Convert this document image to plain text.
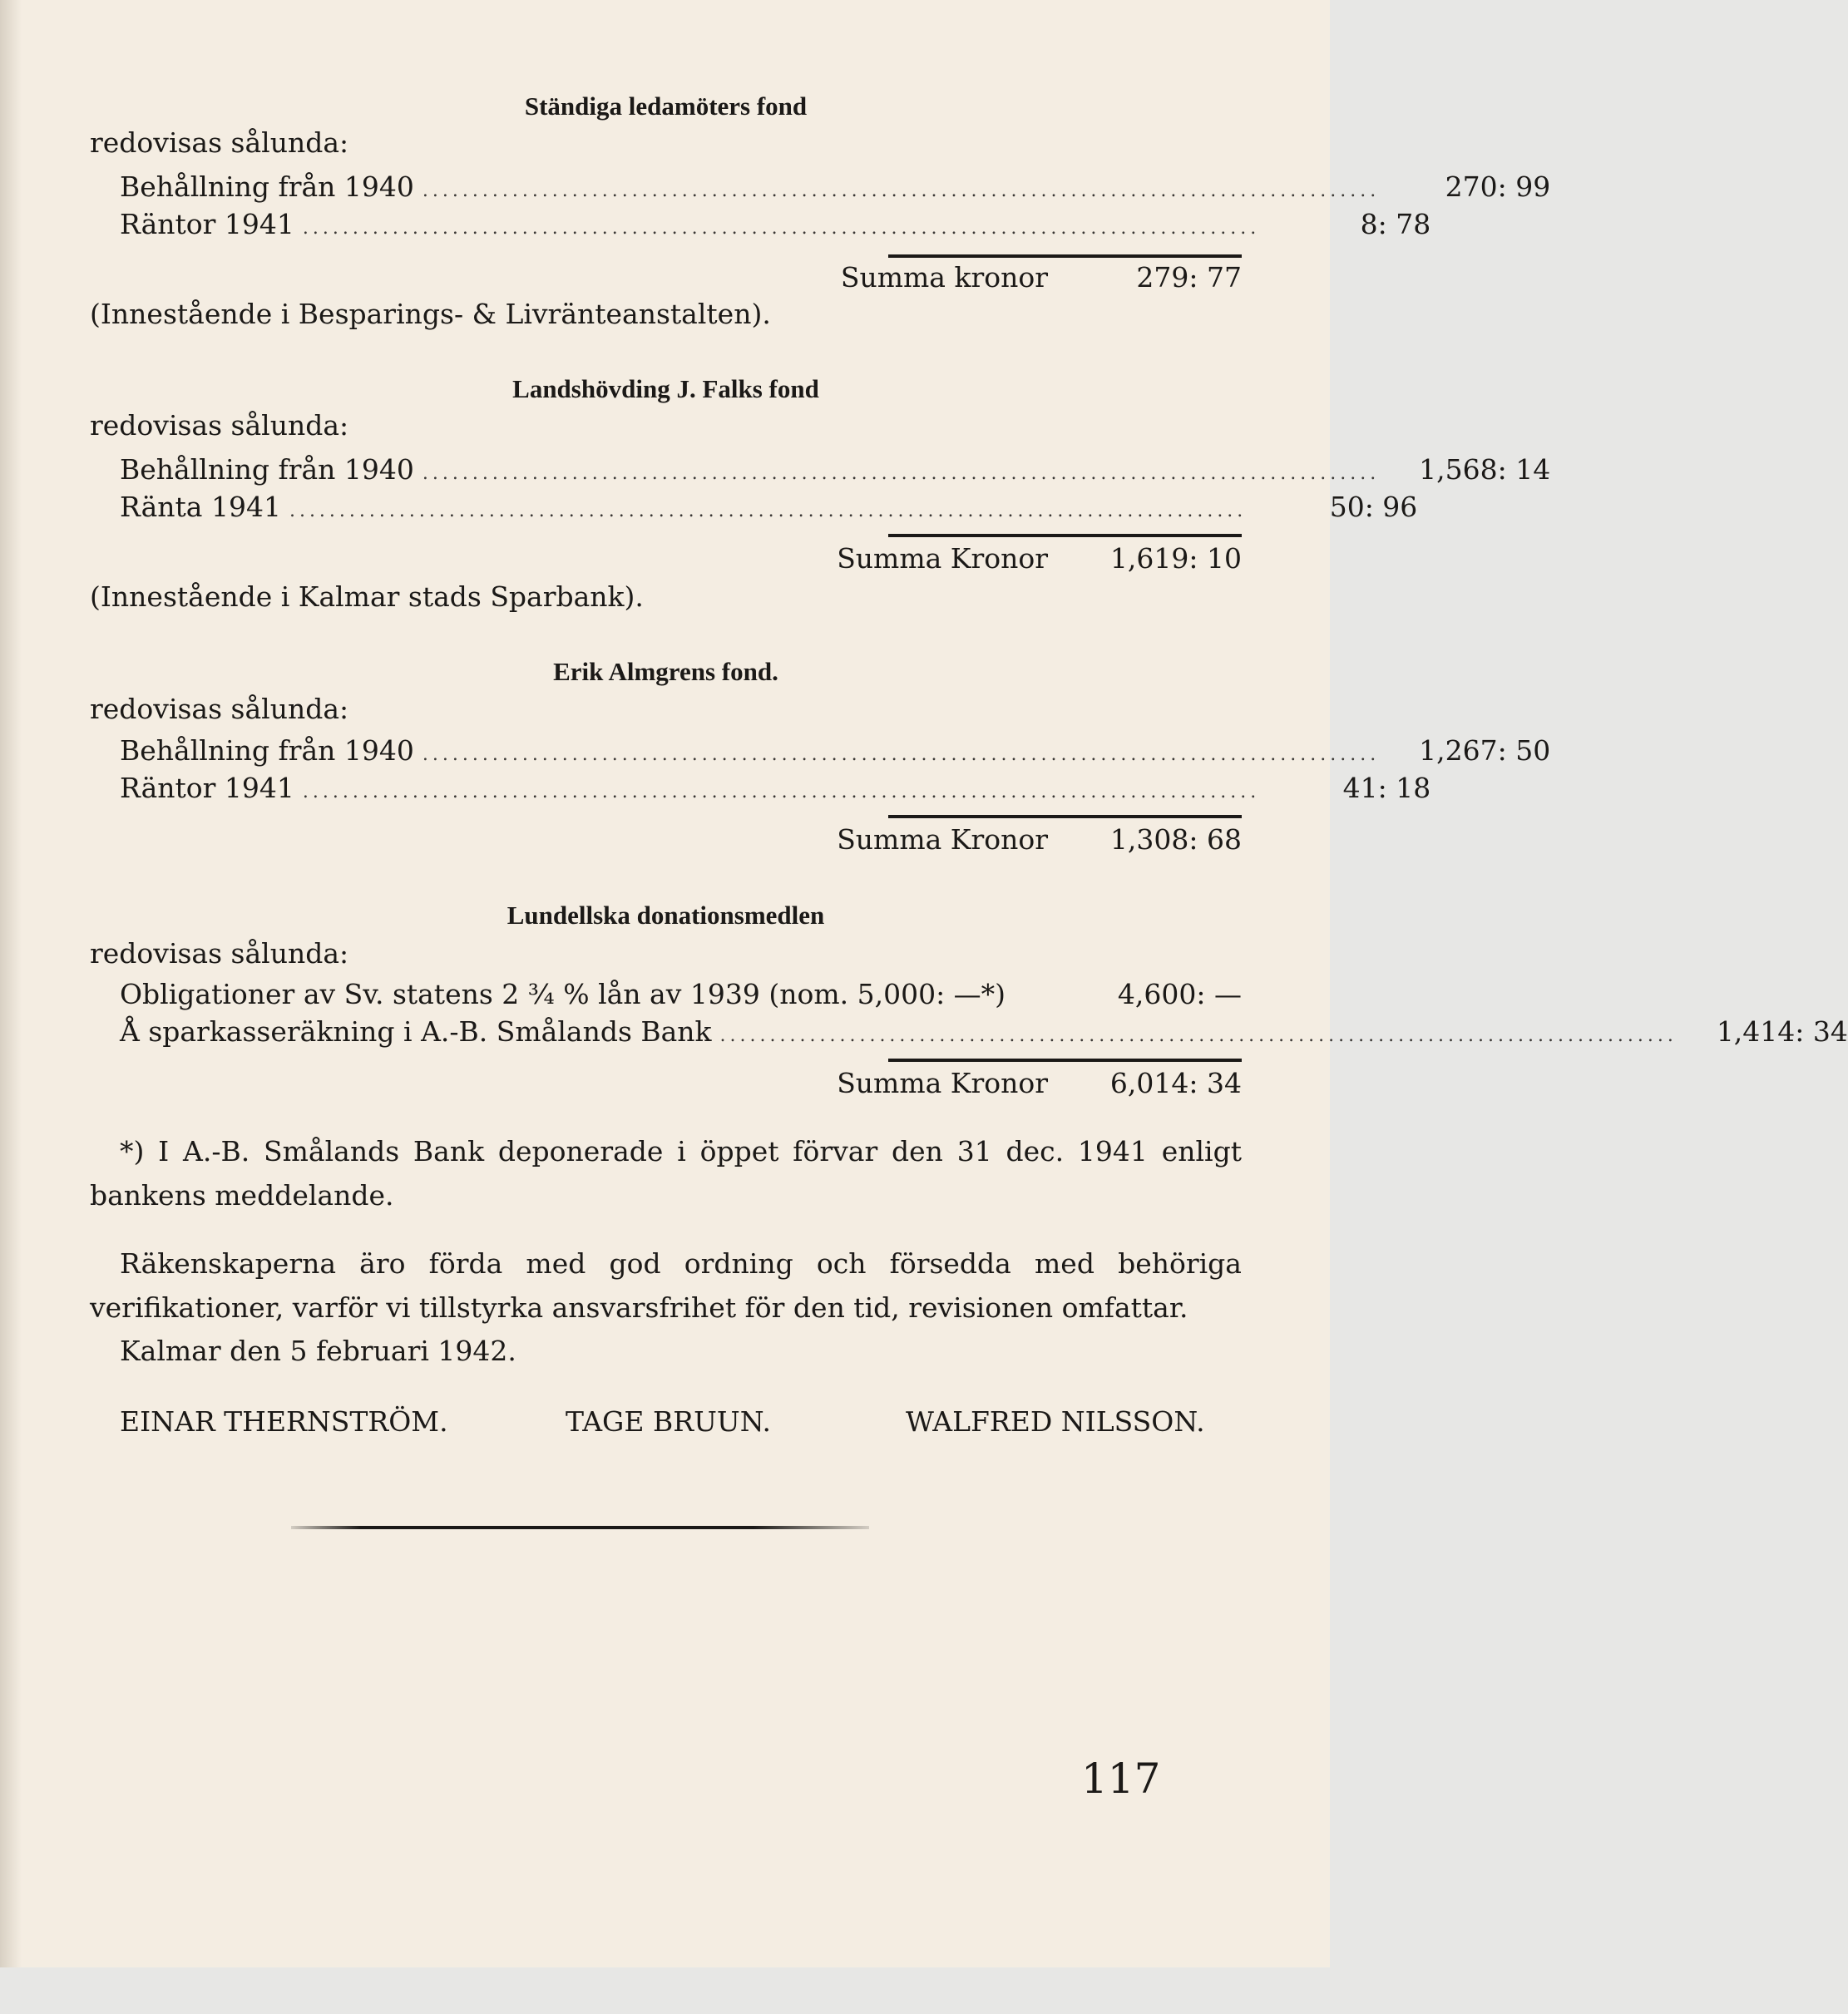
Ständiga ledamöters fond
redovisas sålunda:
Behållning från 1940 ................................................................................................	270: 99
Räntor 1941 ................................................................................................	8: 78
Summa kronor	279: 77
(Innestående i Besparings- & Livränteanstalten).
Landshövding J. Falks fond
redovisas sålunda:
Behållning från 1940 ................................................................................................	1,568: 14
Ränta 1941 ................................................................................................	50: 96
Summa Kronor	1,619: 10
(Innestående i Kalmar stads Sparbank).
Erik Almgrens fond.
redovisas sålunda:
Behållning från 1940 ................................................................................................	1,267: 50
Räntor 1941 ................................................................................................	41: 18
Summa Kronor	1,308: 68
Lundellska donationsmedlen
redovisas sålunda:
Obligationer av Sv. statens 2 ¾ % lån av 1939 (nom. 5,000: —*)	4,600: —
Å sparkasseräkning i A.-B. Smålands Bank ................................................................................................	1,414: 34
Summa Kronor	6,014: 34
*) I A.-B. Smålands Bank deponerade i öppet förvar den 31 dec. 1941 enligt bankens meddelande.
Räkenskaperna äro förda med god ordning och försedda med behöriga verifikationer, varför vi tillstyrka ansvarsfrihet för den tid, revisionen omfattar.
Kalmar den 5 februari 1942.
EINAR THERNSTRÖM.	TAGE BRUUN.	WALFRED NILSSON.
117
